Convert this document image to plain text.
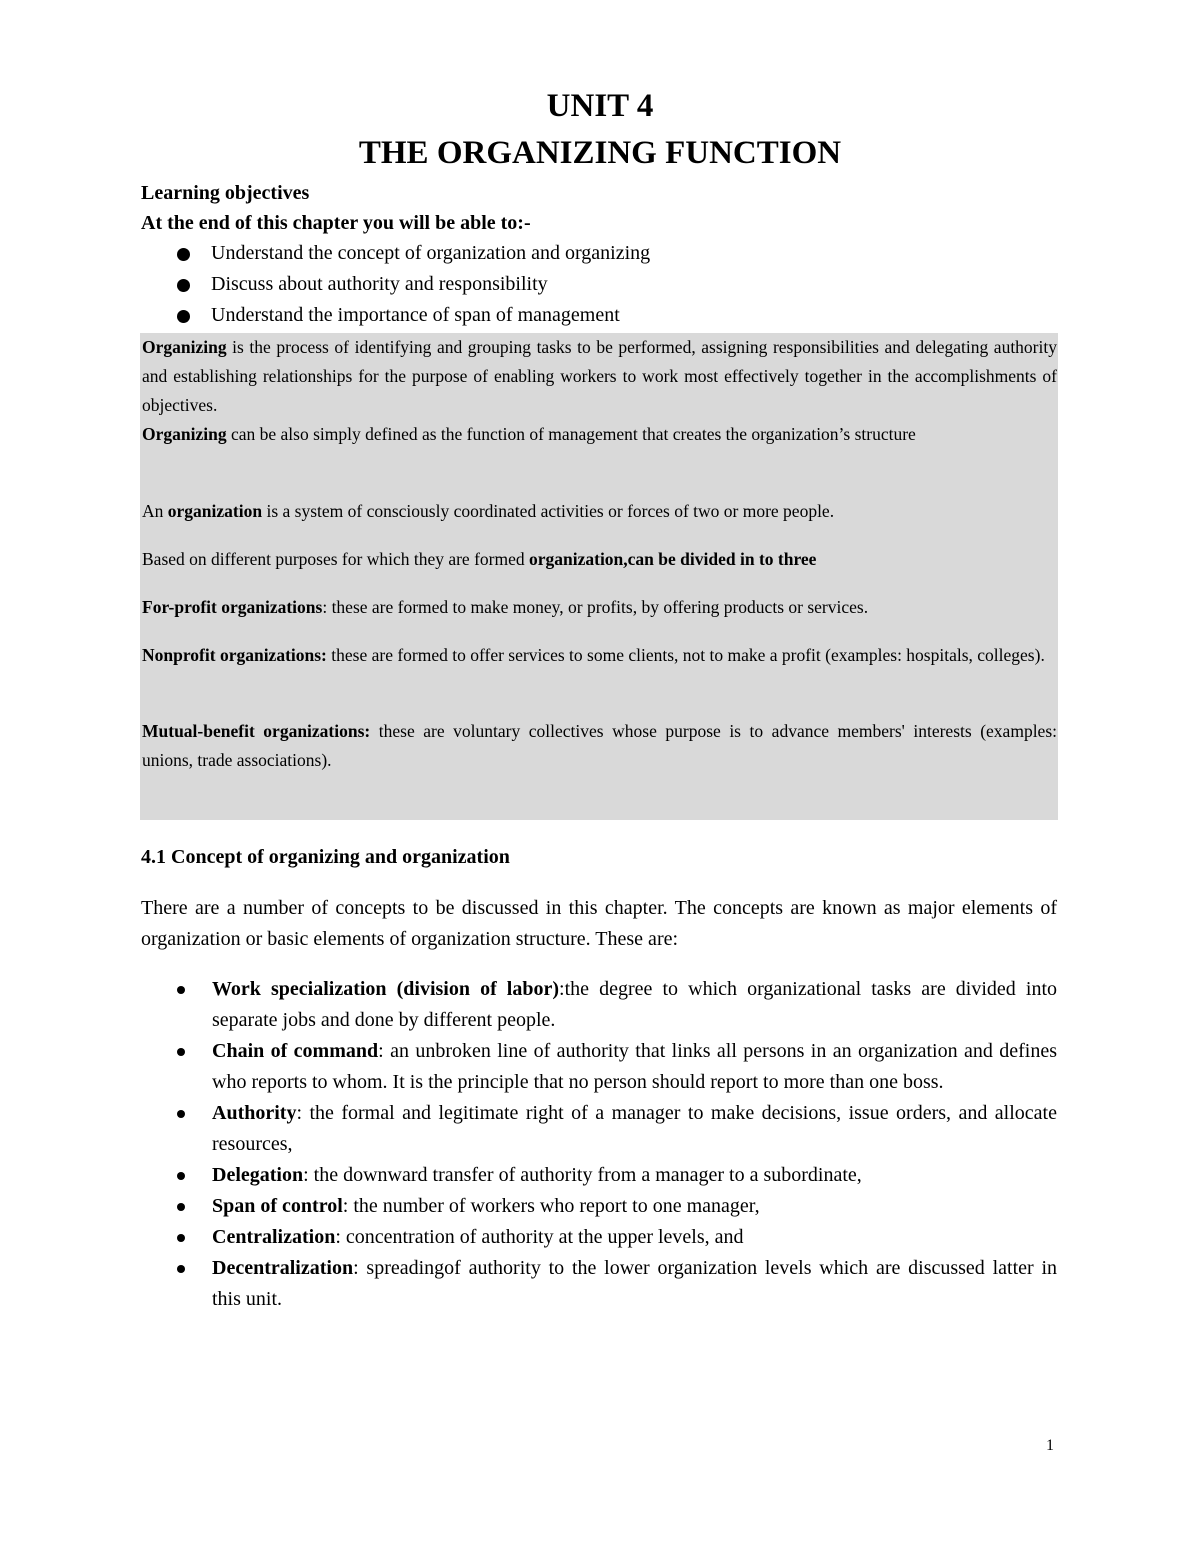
UNIT 4
THE ORGANIZING FUNCTION

Learning objectives

At the end of this chapter you will be able to:-

Understand the concept of organization and organizing
Discuss about authority and responsibility
Understand the importance of span of management

Organizing is the process of identifying and grouping tasks to be performed, assigning responsibilities and delegating authority and establishing relationships for the purpose of enabling workers to work most effectively together in the accomplishments of objectives.

Organizing can be also simply defined as the function of management that creates the organization’s structure

An organization is a system of consciously coordinated activities or forces of two or more people.

Based on different purposes for which they are formed organization,can be divided in to three

For-profit organizations: these are formed to make money, or profits, by offering products or services.

Nonprofit organizations: these are formed to offer services to some clients, not to make a profit (examples: hospitals, colleges).

Mutual-benefit organizations: these are voluntary collectives whose purpose is to advance members' interests (examples: unions, trade associations).

4.1 Concept of organizing and organization

There are a number of concepts to be discussed in this chapter. The concepts are known as major elements of organization or basic elements of organization structure. These are:

Work specialization (division of labor):the degree to which organizational tasks are divided into separate jobs and done by different people.
Chain of command: an unbroken line of authority that links all persons in an organization and defines who reports to whom. It is the principle that no person should report to more than one boss.
Authority: the formal and legitimate right of a manager to make decisions, issue orders, and allocate resources,
Delegation: the downward transfer of authority from a manager to a subordinate,
Span of control: the number of workers who report to one manager,
Centralization: concentration of authority at the upper levels, and
Decentralization: spreadingof authority to the lower organization levels which are discussed latter in this unit.
1
